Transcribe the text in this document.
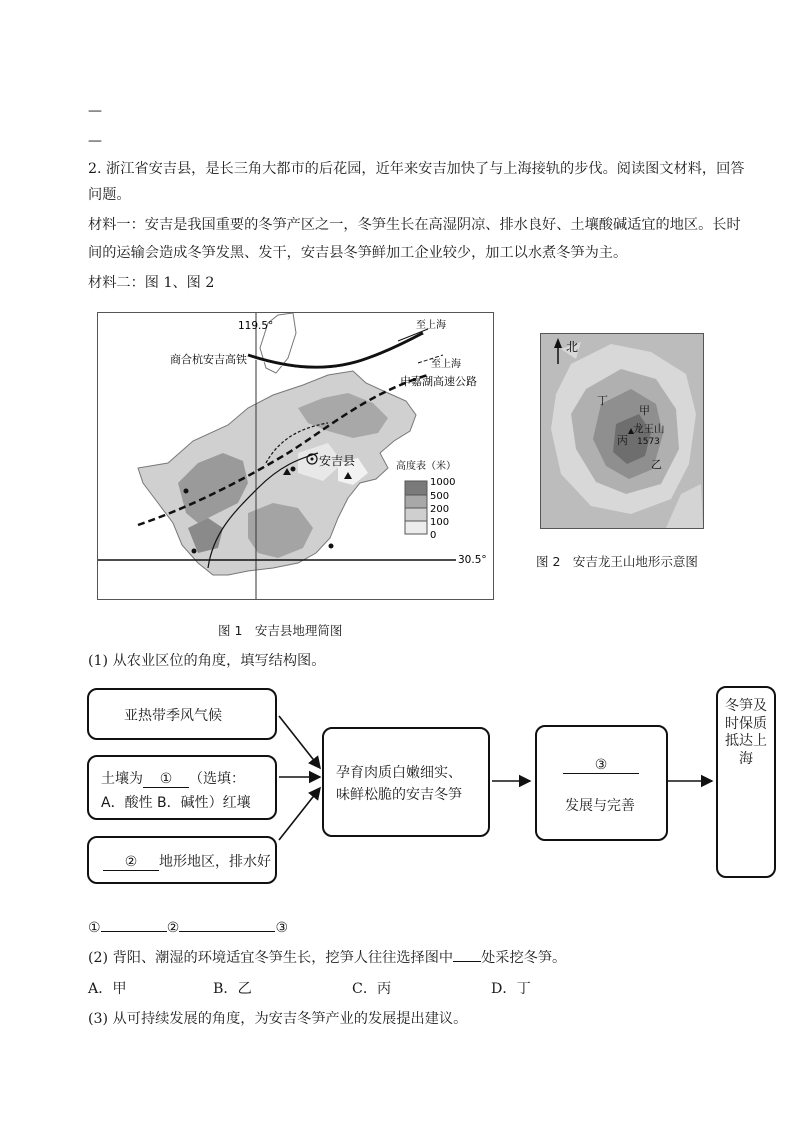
—
—
2. 浙江省安吉县，是长三角大都市的后花园，近年来安吉加快了与上海接轨的步伐。阅读图文材料，回答
问题。
材料一：安吉是我国重要的冬笋产区之一，冬笋生长在高湿阴凉、排水良好、土壤酸碱适宜的地区。长时
间的运输会造成冬笋发黑、发干，安吉县冬笋鲜加工企业较少，加工以水煮冬笋为主。
材料二：图 1、图 2
119.5°	至上海
至上海
商合杭安吉高铁
申嘉湖高速公路
安吉县	高度表（米）
1000
500
200
100
0
30.5°
图 1　安吉县地理简图
北
龙王山
1573
甲
乙
丙
丁
图 2　安吉龙王山地形示意图
(1) 从农业区位的角度，填写结构图。
亚热带季风气候
土壤为 ① （选填：
A．酸性 B．碱性）红壤
② 地形地区，排水好
孕育肉质白嫩细实、
味鲜松脆的安吉冬笋
③
发展与完善
冬笋及时保质抵达上海
①	②	③
(2) 背阳、潮湿的环境适宜冬笋生长，挖笋人往往选择图中 处采挖冬笋。
A．甲	B．乙	C．丙	D．丁
(3) 从可持续发展的角度，为安吉冬笋产业的发展提出建议。
